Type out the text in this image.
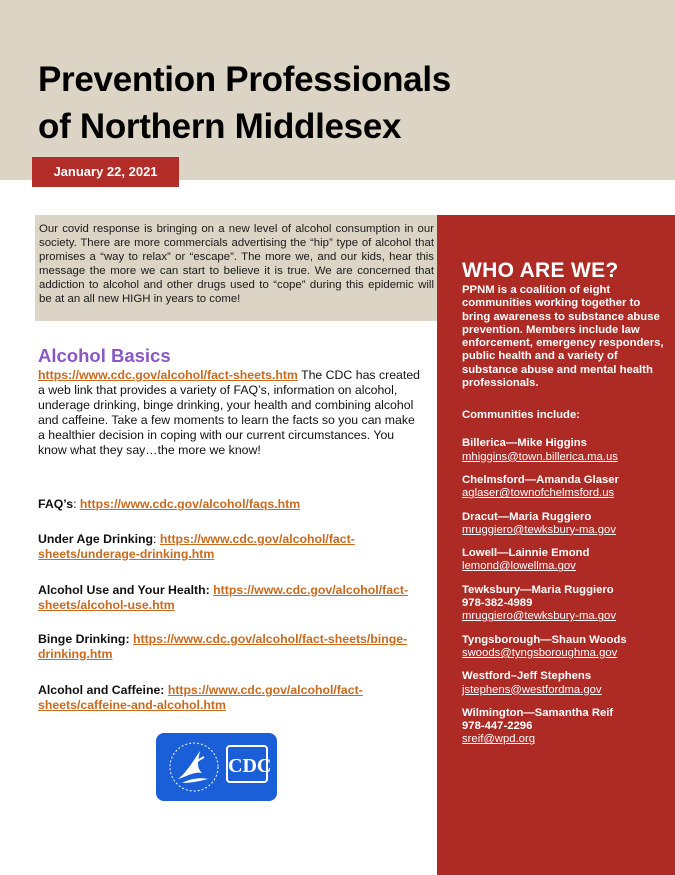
Prevention Professionals
of Northern Middlesex
January 22, 2021
Our covid response is bringing on a new level of alcohol consumption in our society. There are more commercials advertising the “hip” type of alcohol that promises a “way to relax” or “escape”. The more we, and our kids, hear this message the more we can start to believe it is true. We are concerned that addiction to alcohol and other drugs used to “cope” during this epidemic will be at an all new HIGH in years to come!
Alcohol Basics

https://www.cdc.gov/alcohol/fact-sheets.htm The CDC has created a web link that provides a variety of FAQ’s, information on alcohol, underage drinking, binge drinking, your health and combining alcohol and caffeine. Take a few moments to learn the facts so you can make a healthier decision in coping with our current circumstances. You know what they say…the more we know!

FAQ’s: https://www.cdc.gov/alcohol/faqs.htm

Under Age Drinking: https://www.cdc.gov/alcohol/fact-sheets/underage-drinking.htm

Alcohol Use and Your Health: https://www.cdc.gov/alcohol/fact-sheets/alcohol-use.htm

Binge Drinking: https://www.cdc.gov/alcohol/fact-sheets/binge-drinking.htm

Alcohol and Caffeine: https://www.cdc.gov/alcohol/fact-sheets/caffeine-and-alcohol.htm

CDC
WHO ARE WE?

PPNM is a coalition of eight communities working together to bring awareness to substance abuse prevention. Members include law enforcement, emergency responders, public health and a variety of substance abuse and mental health professionals.

Communities include:

Billerica—Mike Higgins
mhiggins@town.billerica.ma.us
Chelmsford—Amanda Glaser
aglaser@townofchelmsford.us
Dracut—Maria Ruggiero
mruggiero@tewksbury-ma.gov
Lowell—Lainnie Emond
lemond@lowellma.gov
Tewksbury—Maria Ruggiero
978-382-4989
mruggiero@tewksbury-ma.gov
Tyngsborough—Shaun Woods
swoods@tyngsboroughma.gov
Westford–Jeff Stephens
jstephens@westfordma.gov
Wilmington—Samantha Reif
978-447-2296
sreif@wpd.org
